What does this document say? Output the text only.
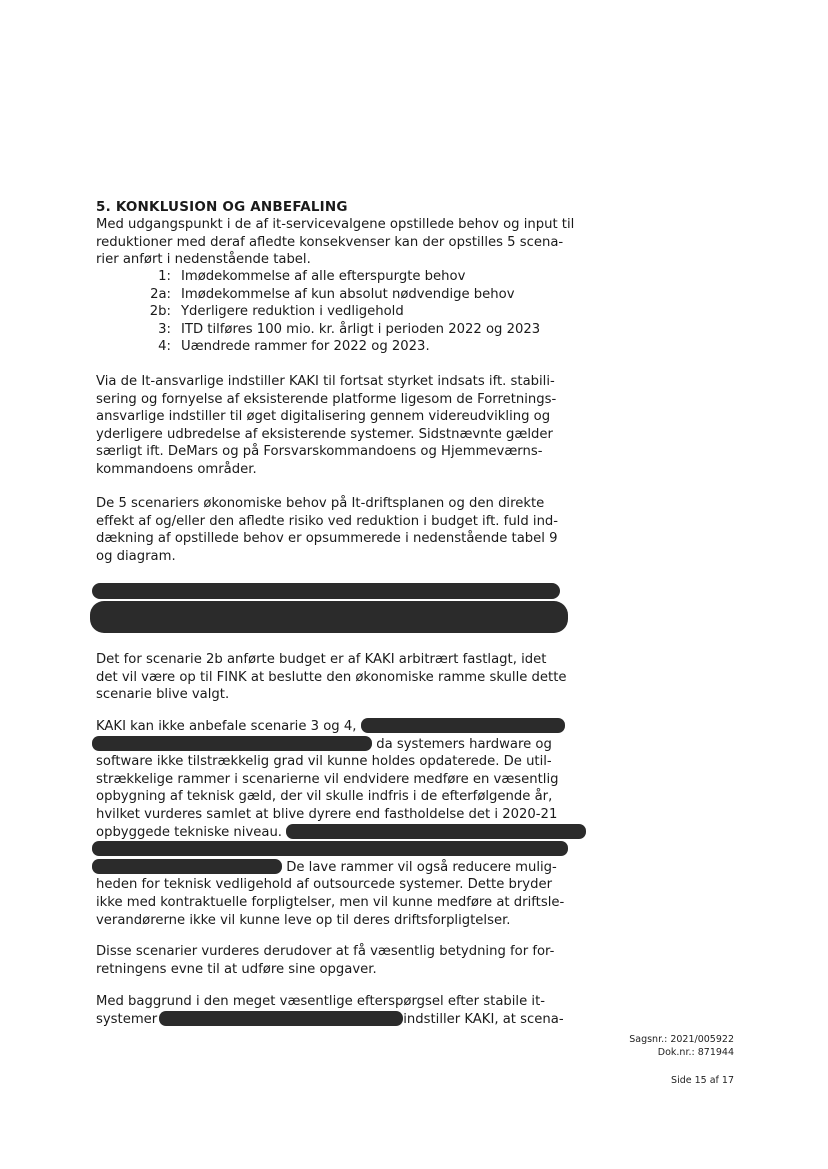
5. KONKLUSION OG ANBEFALING
Med udgangspunkt i de af it-servicevalgene opstillede behov og input til
reduktioner med deraf afledte konsekvenser kan der opstilles 5 scena-
rier anført i nedenstående tabel.
1: Imødekommelse af alle efterspurgte behov
2a: Imødekommelse af kun absolut nødvendige behov
2b: Yderligere reduktion i vedligehold
3: ITD tilføres 100 mio. kr. årligt i perioden 2022 og 2023
4: Uændrede rammer for 2022 og 2023.
Via de It-ansvarlige indstiller KAKI til fortsat styrket indsats ift. stabili-
sering og fornyelse af eksisterende platforme ligesom de Forretnings-
ansvarlige indstiller til øget digitalisering gennem videreudvikling og
yderligere udbredelse af eksisterende systemer. Sidstnævnte gælder
særligt ift. DeMars og på Forsvarskommandoens og Hjemmeværns-
kommandoens områder.
De 5 scenariers økonomiske behov på It-driftsplanen og den direkte
effekt af og/eller den afledte risiko ved reduktion i budget ift. fuld ind-
dækning af opstillede behov er opsummerede i nedenstående tabel 9
og diagram.
Det for scenarie 2b anførte budget er af KAKI arbitrært fastlagt, idet
det vil være op til FINK at beslutte den økonomiske ramme skulle dette
scenarie blive valgt.
KAKI kan ikke anbefale scenarie 3 og 4,
da systemers hardware og
software ikke tilstrækkelig grad vil kunne holdes opdaterede. De util-
strækkelige rammer i scenarierne vil endvidere medføre en væsentlig
opbygning af teknisk gæld, der vil skulle indfris i de efterfølgende år,
hvilket vurderes samlet at blive dyrere end fastholdelse det i 2020-21
opbyggede tekniske niveau.
De lave rammer vil også reducere mulig-
heden for teknisk vedligehold af outsourcede systemer. Dette bryder
ikke med kontraktuelle forpligtelser, men vil kunne medføre at driftsle-
verandørerne ikke vil kunne leve op til deres driftsforpligtelser.
Disse scenarier vurderes derudover at få væsentlig betydning for for-
retningens evne til at udføre sine opgaver.
Med baggrund i den meget væsentlige efterspørgsel efter stabile it-
systemer	indstiller KAKI, at scena-
Sagsnr.: 2021/005922
Dok.nr.: 871944
Side 15 af 17
